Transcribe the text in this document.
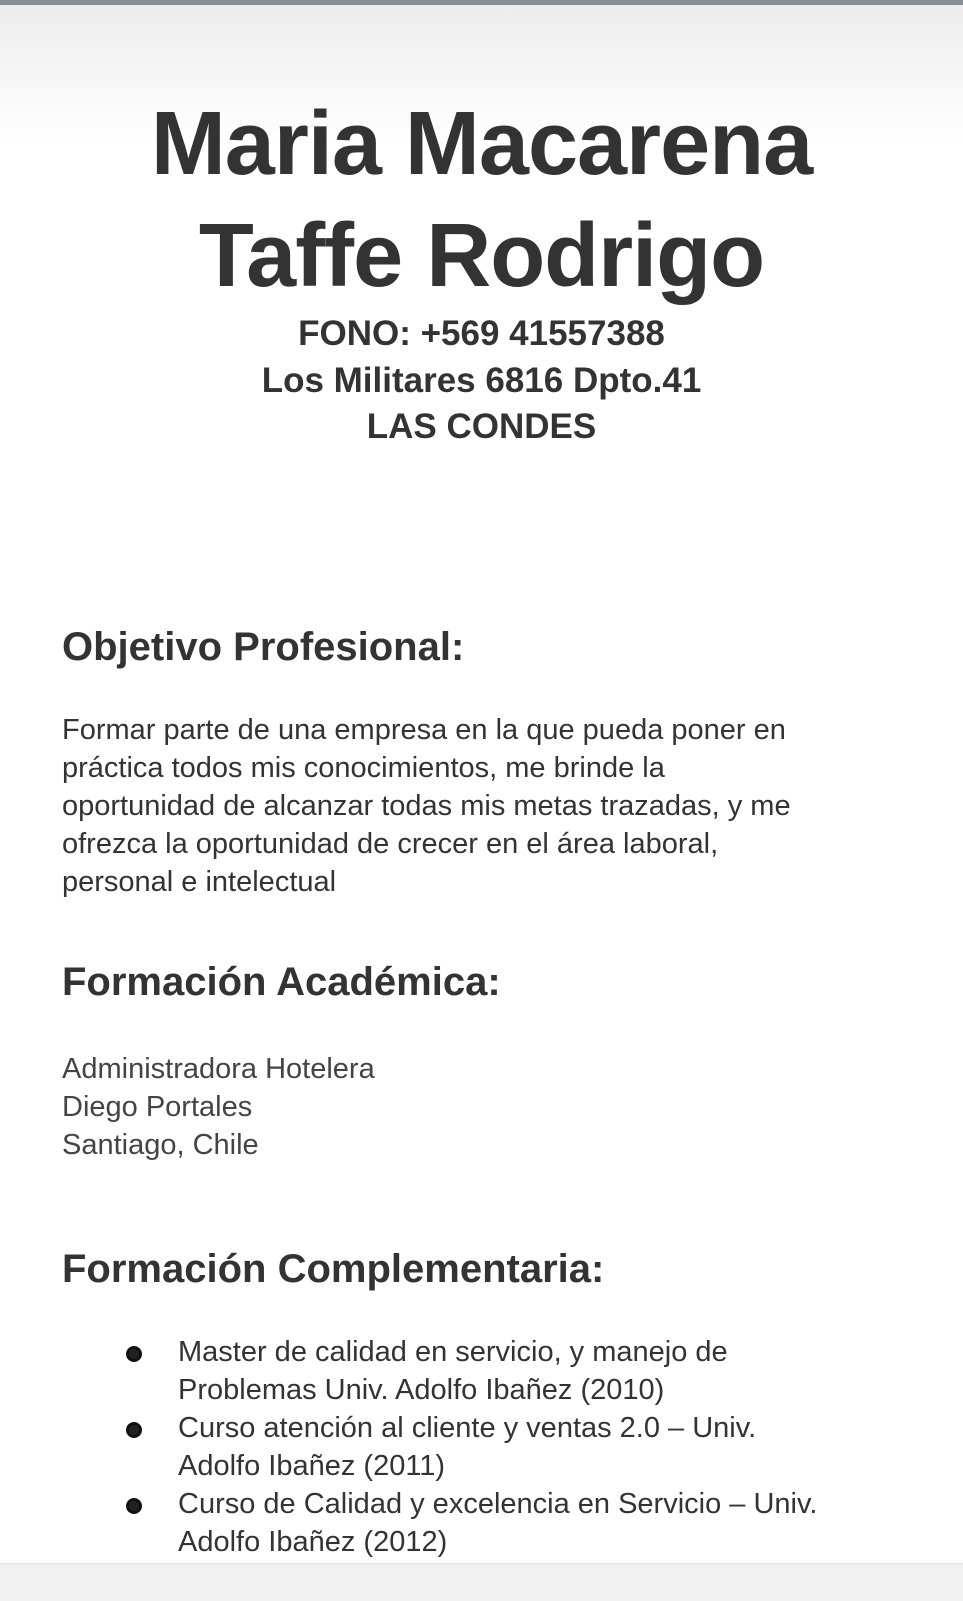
Maria Macarena
Taffe Rodrigo
FONO: +569 41557388
Los Militares 6816 Dpto.41
LAS CONDES
Objetivo Profesional:
Formar parte de una empresa en la que pueda poner en
práctica todos mis conocimientos, me brinde la
oportunidad de alcanzar todas mis metas trazadas, y me
ofrezca la oportunidad de crecer en el área laboral,
personal e intelectual
Formación Académica:
Administradora Hotelera
Diego Portales
Santiago, Chile
Formación Complementaria:
Master de calidad en servicio, y manejo de
Problemas Univ. Adolfo Ibañez (2010)
Curso atención al cliente y ventas 2.0 – Univ.
Adolfo Ibañez (2011)
Curso de Calidad y excelencia en Servicio – Univ.
Adolfo Ibañez (2012)
